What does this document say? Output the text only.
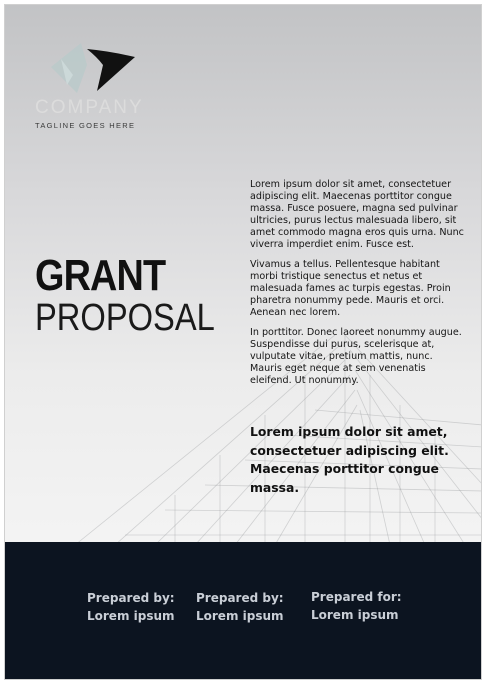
COMPANY
TAGLINE GOES HERE
GRANT
PROPOSAL

Lorem ipsum dolor sit amet, consectetuer adipiscing elit. Maecenas porttitor congue massa. Fusce posuere, magna sed pulvinar ultricies, purus lectus malesuada libero, sit amet commodo magna eros quis urna. Nunc viverra imperdiet enim. Fusce est.

Vivamus a tellus. Pellentesque habitant morbi tristique senectus et netus et malesuada fames ac turpis egestas. Proin pharetra nonummy pede. Mauris et orci. Aenean nec lorem.

In porttitor. Donec laoreet nonummy augue. Suspendisse dui purus, scelerisque at, vulputate vitae, pretium mattis, nunc. Mauris eget neque at sem venenatis eleifend. Ut nonummy.

Lorem ipsum dolor sit amet, consectetuer adipiscing elit. Maecenas porttitor congue massa.
Prepared by:
Lorem ipsum
Prepared by:
Lorem ipsum
Prepared for:
Lorem ipsum
